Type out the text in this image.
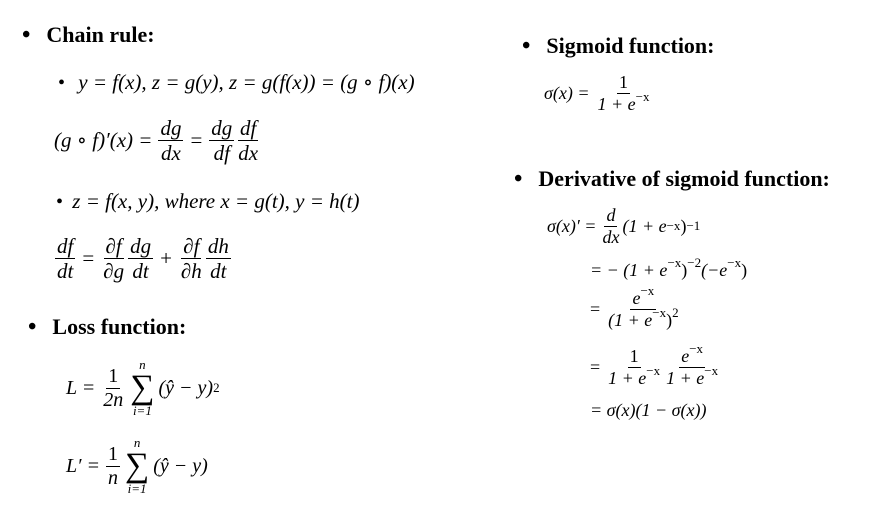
• Chain rule:
• y = f(x), z = g(y), z = g(f(x)) = (g ∘ f)(x)
(g ∘ $f)'(x) = \frac{dg}{dx} = \frac{dg}{df} \frac{df}{dx}$
• z = f(x, y), where x = g(t), y = h(t)
$\frac{df}{dt} = \frac{\partial f}{\partial g} \frac{dg}{dt} + \frac{\partial f}{\partial h} \frac{dh}{dt}$
• Loss function:
$L = \frac{1}{2n}$ n
∑
i=1
(ŷ − y) 2
$L' = \frac{1}{n}$ n
∑
i=1
(ŷ − y)
• Sigmoid function:
$\sigma(x) = \frac{1}{1 + e^{-x}}$
• Derivative of sigmoid function:
$\sigma(x)' = \frac{d}{dx} (1 + e -x$ ) −1
= − $(1 + e^{-x})^{-2}(-e^{-x})$
= $\frac{e^{-x}}{(1 + e^{-x})^2}$
= $\frac{1}{1 + e^{-x}} \frac{e^{-x}}{1 + e^{-x}}$
= σ(x)(1 − σ(x))
